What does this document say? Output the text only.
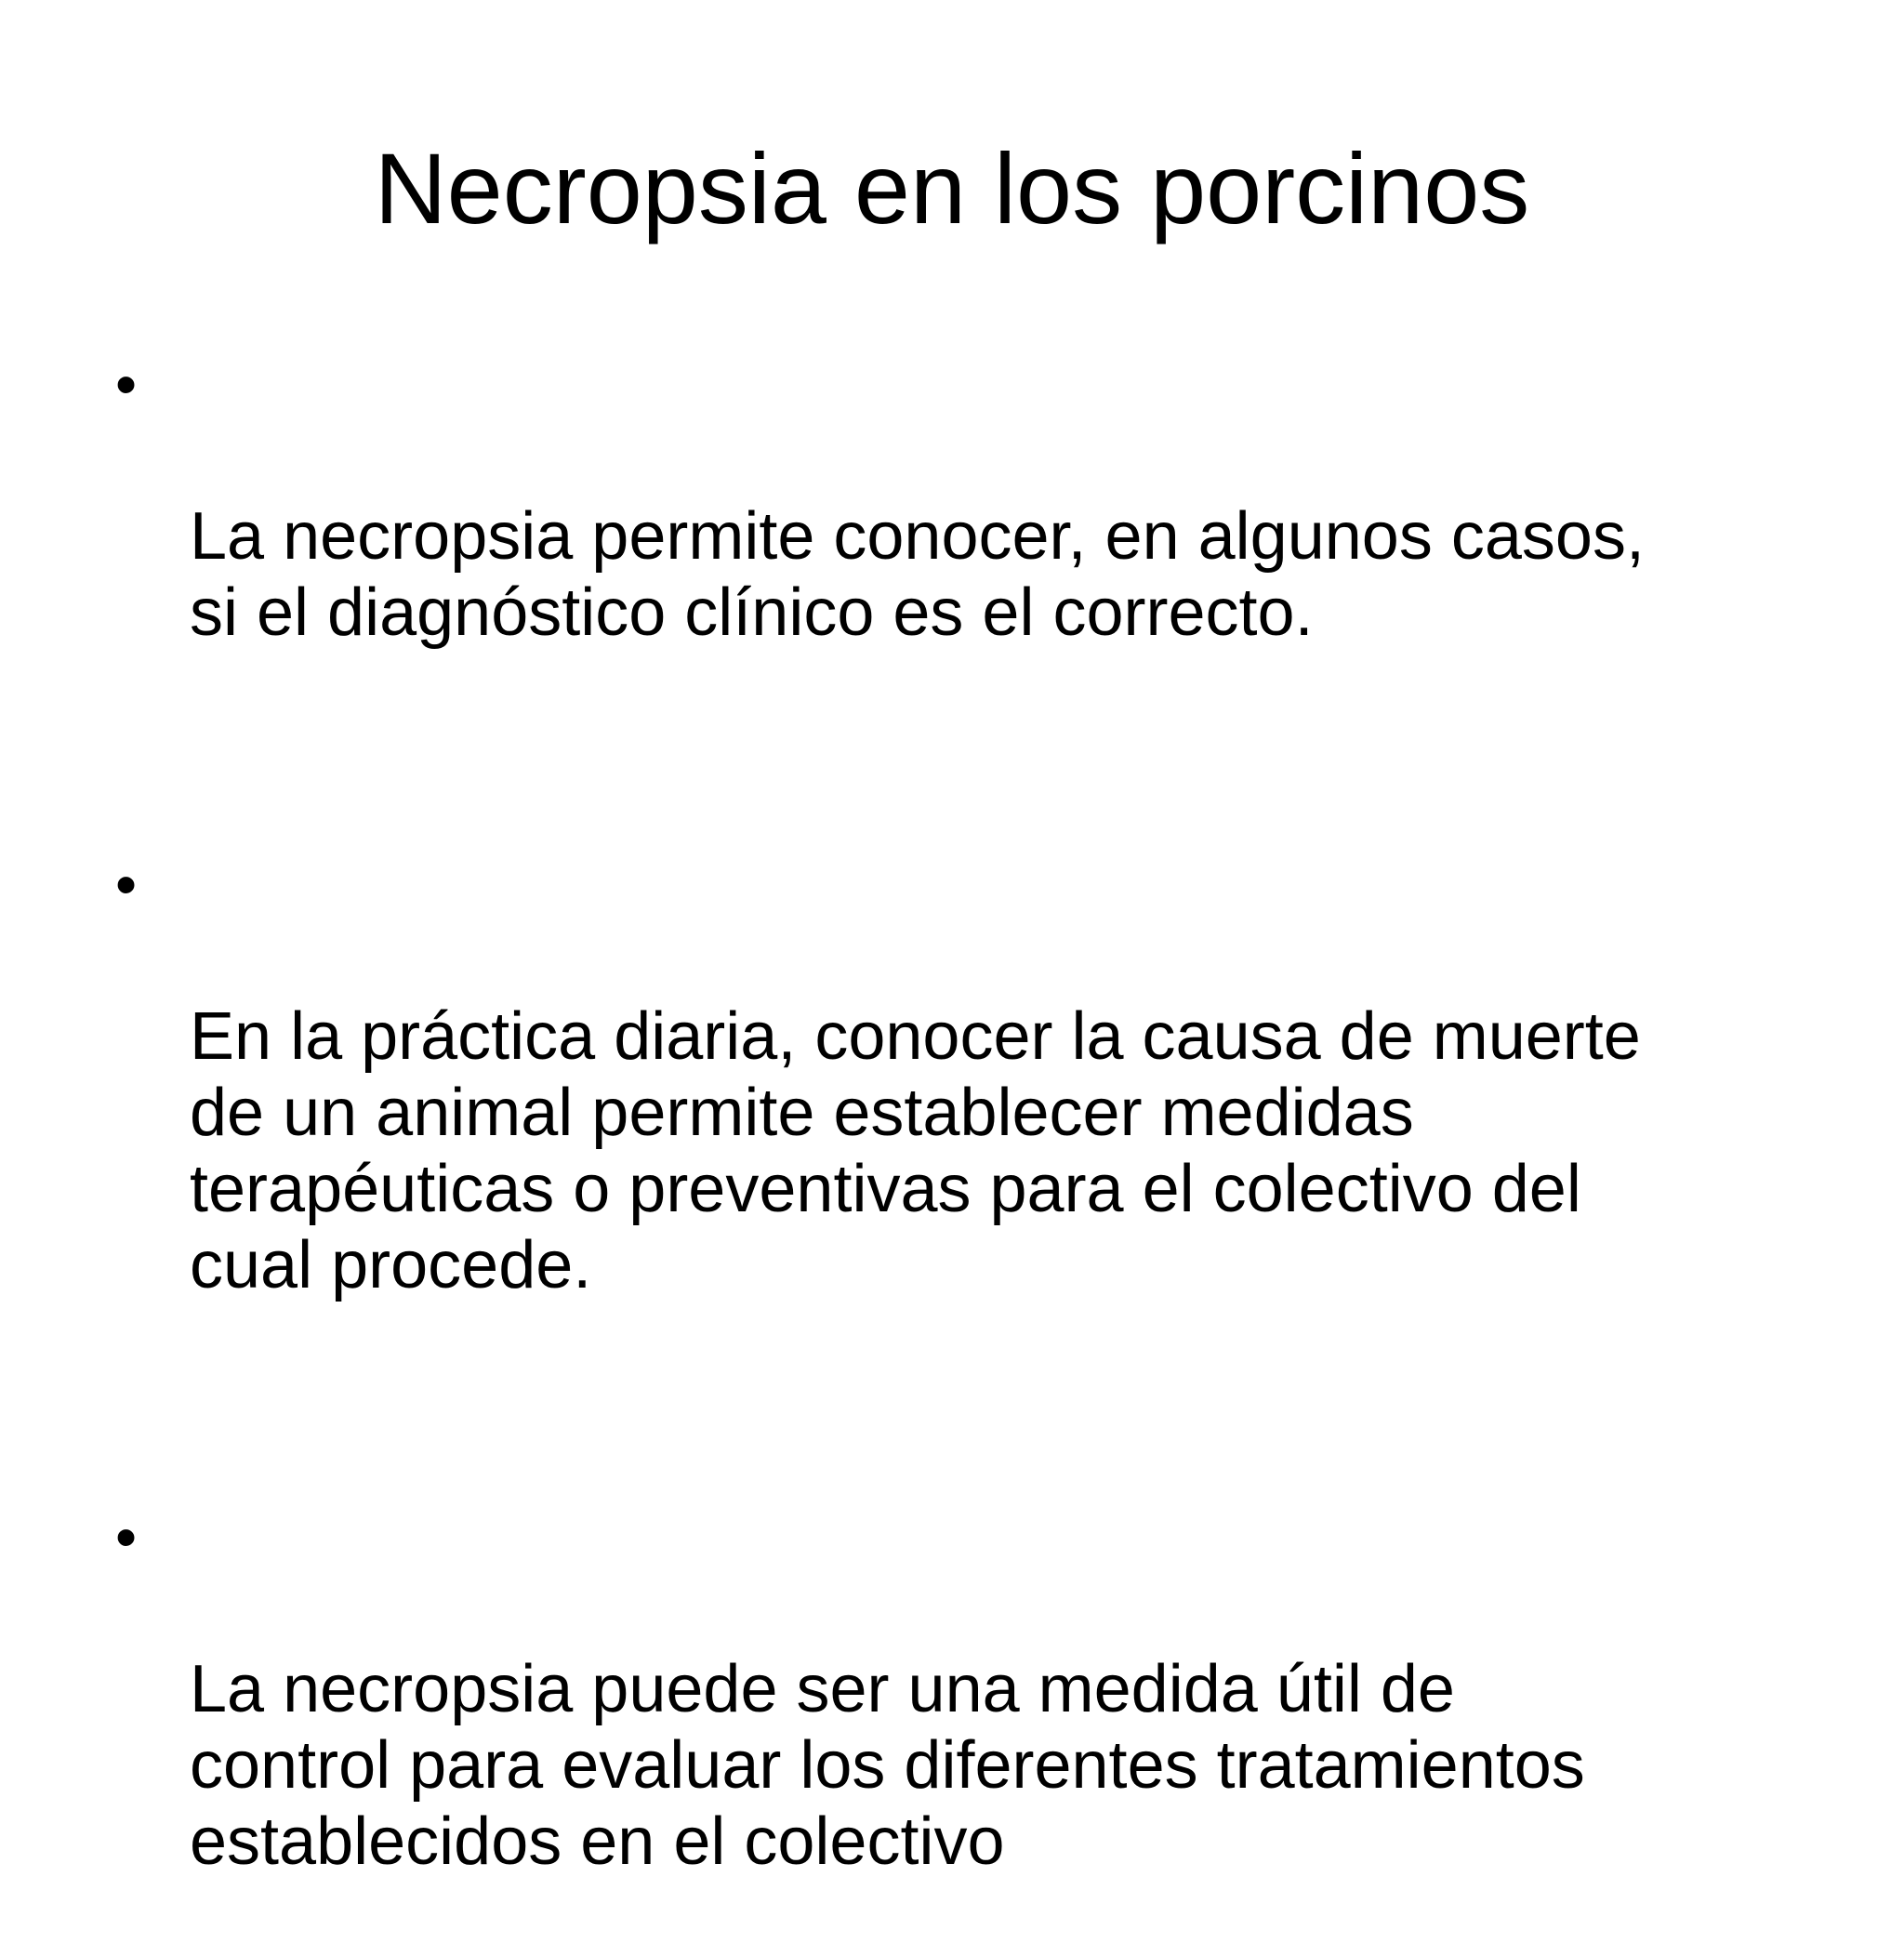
Necropsia en los porcinos

•

La necropsia permite conocer, en algunos casos,
si el diagnóstico clínico es el correcto.

•

En la práctica diaria, conocer la causa de muerte
de un animal permite establecer medidas
terapéuticas o preventivas para el colectivo del
cual procede.

•

La necropsia puede ser una medida útil de
control para evaluar los diferentes tratamientos
establecidos en el colectivo
